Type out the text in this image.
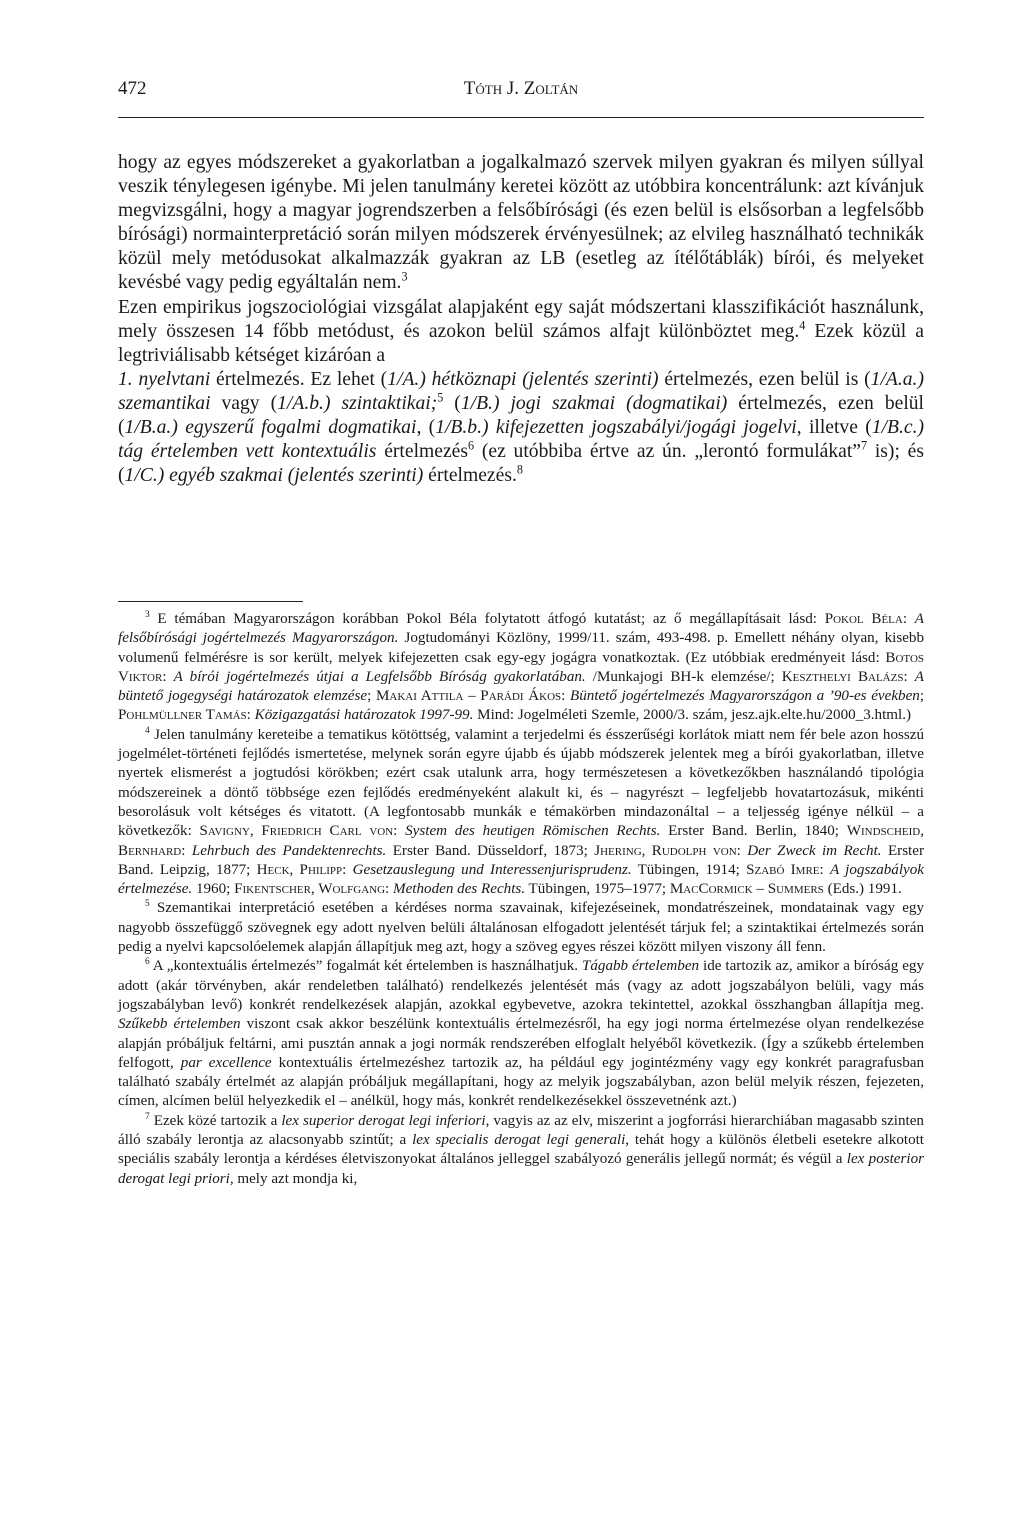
472	Tóth J. Zoltán

hogy az egyes módszereket a gyakorlatban a jogalkalmazó szervek milyen gyakran és milyen súllyal veszik ténylegesen igénybe. Mi jelen tanulmány keretei között az utóbbira koncentrálunk: azt kívánjuk megvizsgálni, hogy a magyar jogrendszerben a felsőbírósági (és ezen belül is elsősorban a legfelsőbb bírósági) normainterpretáció során milyen módszerek érvényesülnek; az elvileg használható technikák közül mely metódusokat alkalmazzák gyakran az LB (esetleg az ítélőtáblák) bírói, és melyeket kevésbé vagy pedig egyáltalán nem.$^3$

Ezen empirikus jogszociológiai vizsgálat alapjaként egy saját módszertani klasszifikációt használunk, mely összesen 14 főbb metódust, és azokon belül számos alfajt különböztet meg.$^4$ Ezek közül a legtriviálisabb kétséget kizáróan a

1. nyelvtani értelmezés. Ez lehet (1/A.) hétköznapi (jelentés szerinti) értelmezés, ezen belül is (1/A.a.) szemantikai vagy (1/A.b.) szintaktikai;$^5$ (1/B.) jogi szakmai (dogmatikai) értelmezés, ezen belül (1/B.a.) egyszerű fogalmi dogmatikai, (1/B.b.) kifejezetten jogszabályi/jogági jogelvi, illetve (1/B.c.) tág értelemben vett kontextuális értelmezés$^6$ (ez utóbbiba értve az ún. „lerontó formulákat”$^7$ is); és (1/C.) egyéb szakmai (jelentés szerinti) értelmezés.$^8$

$^3$ E témában Magyarországon korábban Pokol Béla folytatott átfogó kutatást; az ő megállapításait lásd: Pokol Béla: A felsőbírósági jogértelmezés Magyarországon. Jogtudományi Közlöny, 1999/11. szám, 493-498. p. Emellett néhány olyan, kisebb volumenű felmérésre is sor került, melyek kifejezetten csak egy-egy jogágra vonatkoztak. (Ez utóbbiak eredményeit lásd: Botos Viktor: A bírói jogértelmezés útjai a Legfelsőbb Bíróság gyakorlatában. /Munkajogi BH-k elemzése/; Keszthelyi Balázs: A büntető jogegységi határozatok elemzése; Makai Attila – Parádi Ákos: Büntető jogértelmezés Magyarországon a ’90-es években; Pohlmüllner Tamás: Közigazgatási határozatok 1997-99. Mind: Jogelméleti Szemle, 2000/3. szám, jesz.ajk.elte.hu/2000_3.html.)

$^4$ Jelen tanulmány kereteibe a tematikus kötöttség, valamint a terjedelmi és ésszerűségi korlátok miatt nem fér bele azon hosszú jogelmélet-történeti fejlődés ismertetése, melynek során egyre újabb és újabb módszerek jelentek meg a bírói gyakorlatban, illetve nyertek elismerést a jogtudósi körökben; ezért csak utalunk arra, hogy természetesen a következőkben használandó tipológia módszereinek a döntő többsége ezen fejlődés eredményeként alakult ki, és – nagyrészt – legfeljebb hovatartozásuk, mikénti besorolásuk volt kétséges és vitatott. (A legfontosabb munkák e témakörben mindazonáltal – a teljesség igénye nélkül – a következők: Savigny, Friedrich Carl von: System des heutigen Römischen Rechts. Erster Band. Berlin, 1840; Windscheid, Bernhard: Lehrbuch des Pandektenrechts. Erster Band. Düsseldorf, 1873; Jhering, Rudolph von: Der Zweck im Recht. Erster Band. Leipzig, 1877; Heck, Philipp: Gesetzauslegung und Interessenjurisprudenz. Tübingen, 1914; Szabó Imre: A jogszabályok értelmezése. 1960; Fikentscher, Wolfgang: Methoden des Rechts. Tübingen, 1975–1977; MacCormick – Summers (Eds.) 1991.

$^5$ Szemantikai interpretáció esetében a kérdéses norma szavainak, kifejezéseinek, mondatrészeinek, mondatainak vagy egy nagyobb összefüggő szövegnek egy adott nyelven belüli általánosan elfogadott jelentését tárjuk fel; a szintaktikai értelmezés során pedig a nyelvi kapcsolóelemek alapján állapítjuk meg azt, hogy a szöveg egyes részei között milyen viszony áll fenn.

$^6$ A „kontextuális értelmezés” fogalmát két értelemben is használhatjuk. Tágabb értelemben ide tartozik az, amikor a bíróság egy adott (akár törvényben, akár rendeletben található) rendelkezés jelentését más (vagy az adott jogszabályon belüli, vagy más jogszabályban levő) konkrét rendelkezések alapján, azokkal egybevetve, azokra tekintettel, azokkal összhangban állapítja meg. Szűkebb értelemben viszont csak akkor beszélünk kontextuális értelmezésről, ha egy jogi norma értelmezése olyan rendelkezése alapján próbáljuk feltárni, ami pusztán annak a jogi normák rendszerében elfoglalt helyéből következik. (Így a szűkebb értelemben felfogott, par excellence kontextuális értelmezéshez tartozik az, ha például egy jogintézmény vagy egy konkrét paragrafusban található szabály értelmét az alapján próbáljuk megállapítani, hogy az melyik jogszabályban, azon belül melyik részen, fejezeten, címen, alcímen belül helyezkedik el – anélkül, hogy más, konkrét rendelkezésekkel összevetnénk azt.)

$^7$ Ezek közé tartozik a lex superior derogat legi inferiori, vagyis az az elv, miszerint a jogforrási hierarchiában magasabb szinten álló szabály lerontja az alacsonyabb szintűt; a lex specialis derogat legi generali, tehát hogy a különös életbeli esetekre alkotott speciális szabály lerontja a kérdéses életviszonyokat általános jelleggel szabályozó generális jellegű normát; és végül a lex posterior derogat legi priori, mely azt mondja ki,
